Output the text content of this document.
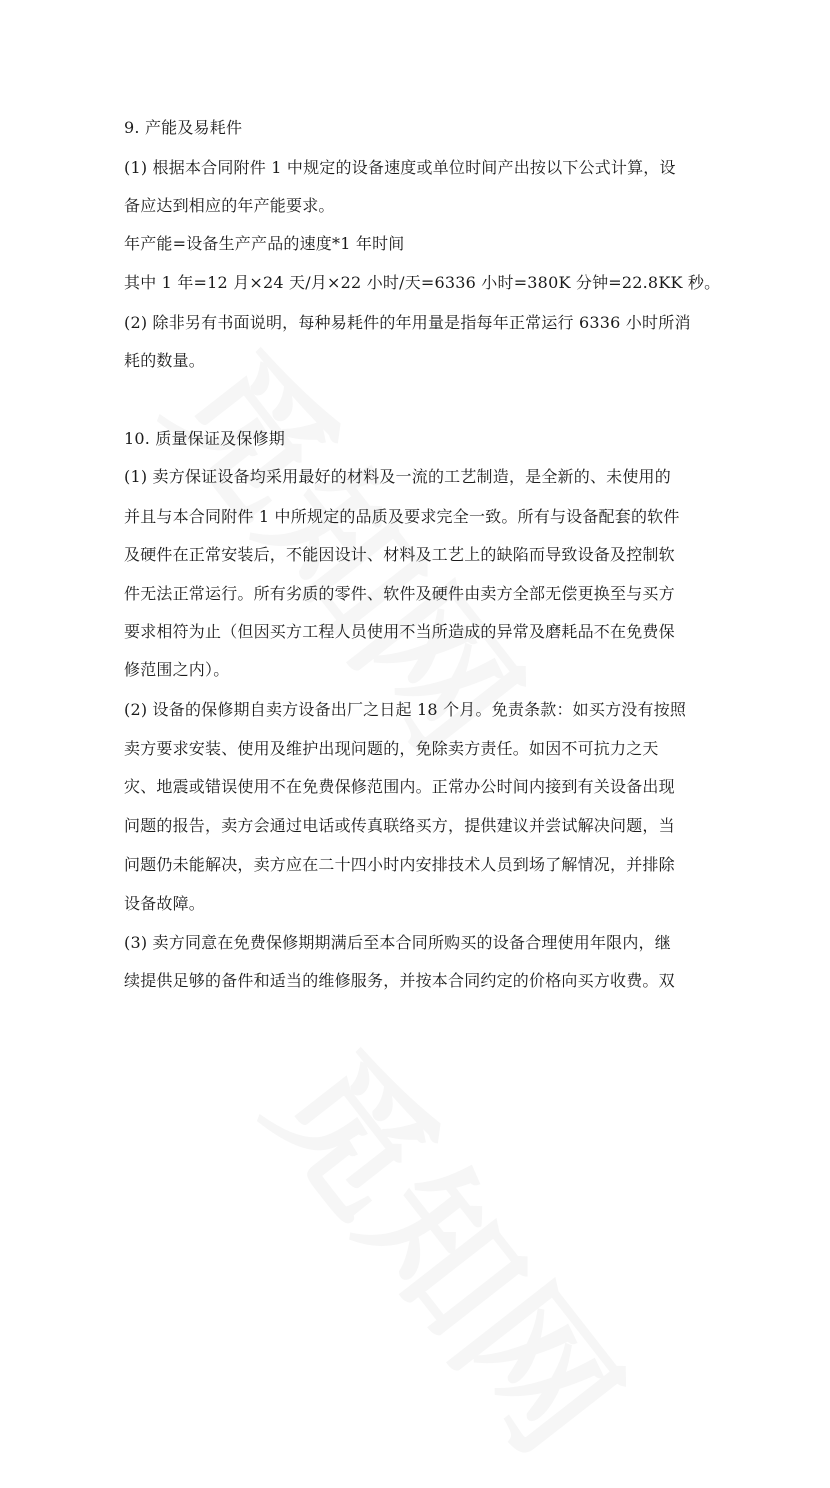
9. 产能及易耗件
(1) 根据本合同附件 1 中规定的设备速度或单位时间产出按以下公式计算，设
备应达到相应的年产能要求。
年产能=设备生产产品的速度*1 年时间
其中 1 年=12 月×24 天/月×22 小时/天=6336 小时=380K 分钟=22.8KK 秒。
(2) 除非另有书面说明，每种易耗件的年用量是指每年正常运行 6336 小时所消
耗的数量。
10. 质量保证及保修期
(1) 卖方保证设备均采用最好的材料及一流的工艺制造，是全新的、未使用的
并且与本合同附件 1 中所规定的品质及要求完全一致。所有与设备配套的软件
及硬件在正常安装后，不能因设计、材料及工艺上的缺陷而导致设备及控制软
件无法正常运行。所有劣质的零件、软件及硬件由卖方全部无偿更换至与买方
要求相符为止（但因买方工程人员使用不当所造成的异常及磨耗品不在免费保
修范围之内）。
(2) 设备的保修期自卖方设备出厂之日起 18 个月。免责条款：如买方没有按照
卖方要求安装、使用及维护出现问题的，免除卖方责任。如因不可抗力之天
灾、地震或错误使用不在免费保修范围内。正常办公时间内接到有关设备出现
问题的报告，卖方会通过电话或传真联络买方，提供建议并尝试解决问题，当
问题仍未能解决，卖方应在二十四小时内安排技术人员到场了解情况，并排除
设备故障。
(3) 卖方同意在免费保修期期满后至本合同所购买的设备合理使用年限内，继
续提供足够的备件和适当的维修服务，并按本合同约定的价格向买方收费。双
